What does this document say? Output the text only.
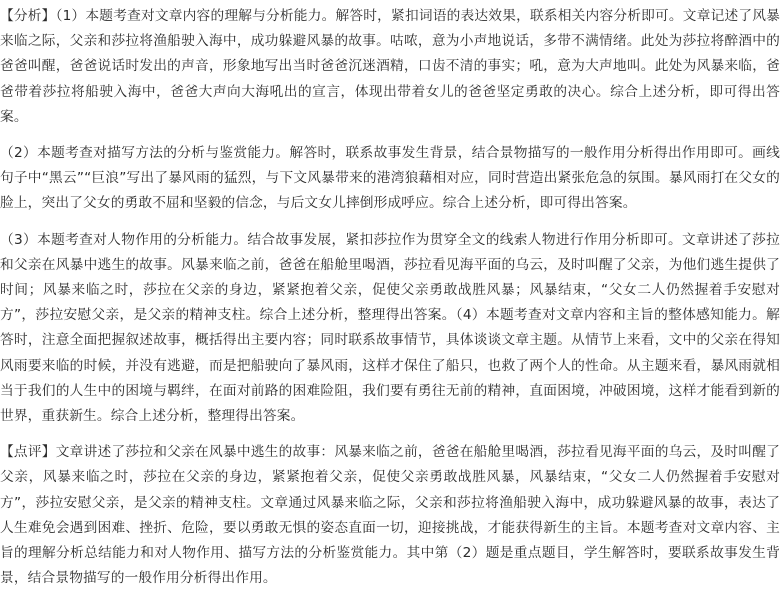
【分析】（1）本题考查对文章内容的理解与分析能力。解答时，紧扣词语的表达效果，联系相关内容分析即可。文章记述了风暴来临之际，父亲和莎拉将渔船驶入海中，成功躲避风暴的故事。咕哝，意为小声地说话，多带不满情绪。此处为莎拉将醉酒中的爸爸叫醒，爸爸说话时发出的声音，形象地写出当时爸爸沉迷酒精，口齿不清的事实；吼，意为大声地叫。此处为风暴来临，爸爸带着莎拉将船驶入海中，爸爸大声向大海吼出的宣言，体现出带着女儿的爸爸坚定勇敢的决心。综合上述分析，即可得出答案。

（2）本题考查对描写方法的分析与鉴赏能力。解答时，联系故事发生背景，结合景物描写的一般作用分析得出作用即可。画线句子中“黑云”“巨浪”写出了暴风雨的猛烈，与下文风暴带来的港湾狼藉相对应，同时营造出紧张危急的氛围。暴风雨打在父女的脸上，突出了父女的勇敢不屈和坚毅的信念，与后文女儿摔倒形成呼应。综合上述分析，即可得出答案。

（3）本题考查对人物作用的分析能力。结合故事发展，紧扣莎拉作为贯穿全文的线索人物进行作用分析即可。文章讲述了莎拉和父亲在风暴中逃生的故事。风暴来临之前，爸爸在船舱里喝酒，莎拉看见海平面的乌云，及时叫醒了父亲，为他们逃生提供了时间；风暴来临之时，莎拉在父亲的身边，紧紧抱着父亲，促使父亲勇敢战胜风暴；风暴结束，“父女二人仍然握着手安慰对方”，莎拉安慰父亲，是父亲的精神支柱。综合上述分析，整理得出答案。（4）本题考查对文章内容和主旨的整体感知能力。解答时，注意全面把握叙述故事，概括得出主要内容；同时联系故事情节，具体谈谈文章主题。从情节上来看，文中的父亲在得知风雨要来临的时候，并没有逃避，而是把船驶向了暴风雨，这样才保住了船只，也救了两个人的性命。从主题来看，暴风雨就相当于我们的人生中的困境与羁绊，在面对前路的困难险阻，我们要有勇往无前的精神，直面困境，冲破困境，这样才能看到新的世界，重获新生。综合上述分析，整理得出答案。

【点评】文章讲述了莎拉和父亲在风暴中逃生的故事：风暴来临之前，爸爸在船舱里喝酒，莎拉看见海平面的乌云，及时叫醒了父亲，风暴来临之时，莎拉在父亲的身边，紧紧抱着父亲，促使父亲勇敢战胜风暴，风暴结束，“父女二人仍然握着手安慰对方”，莎拉安慰父亲，是父亲的精神支柱。文章通过风暴来临之际，父亲和莎拉将渔船驶入海中，成功躲避风暴的故事，表达了人生难免会遇到困难、挫折、危险，要以勇敢无惧的姿态直面一切，迎接挑战，才能获得新生的主旨。本题考查对文章内容、主旨的理解分析总结能力和对人物作用、描写方法的分析鉴赏能力。其中第（2）题是重点题目，学生解答时，要联系故事发生背景，结合景物描写的一般作用分析得出作用。
